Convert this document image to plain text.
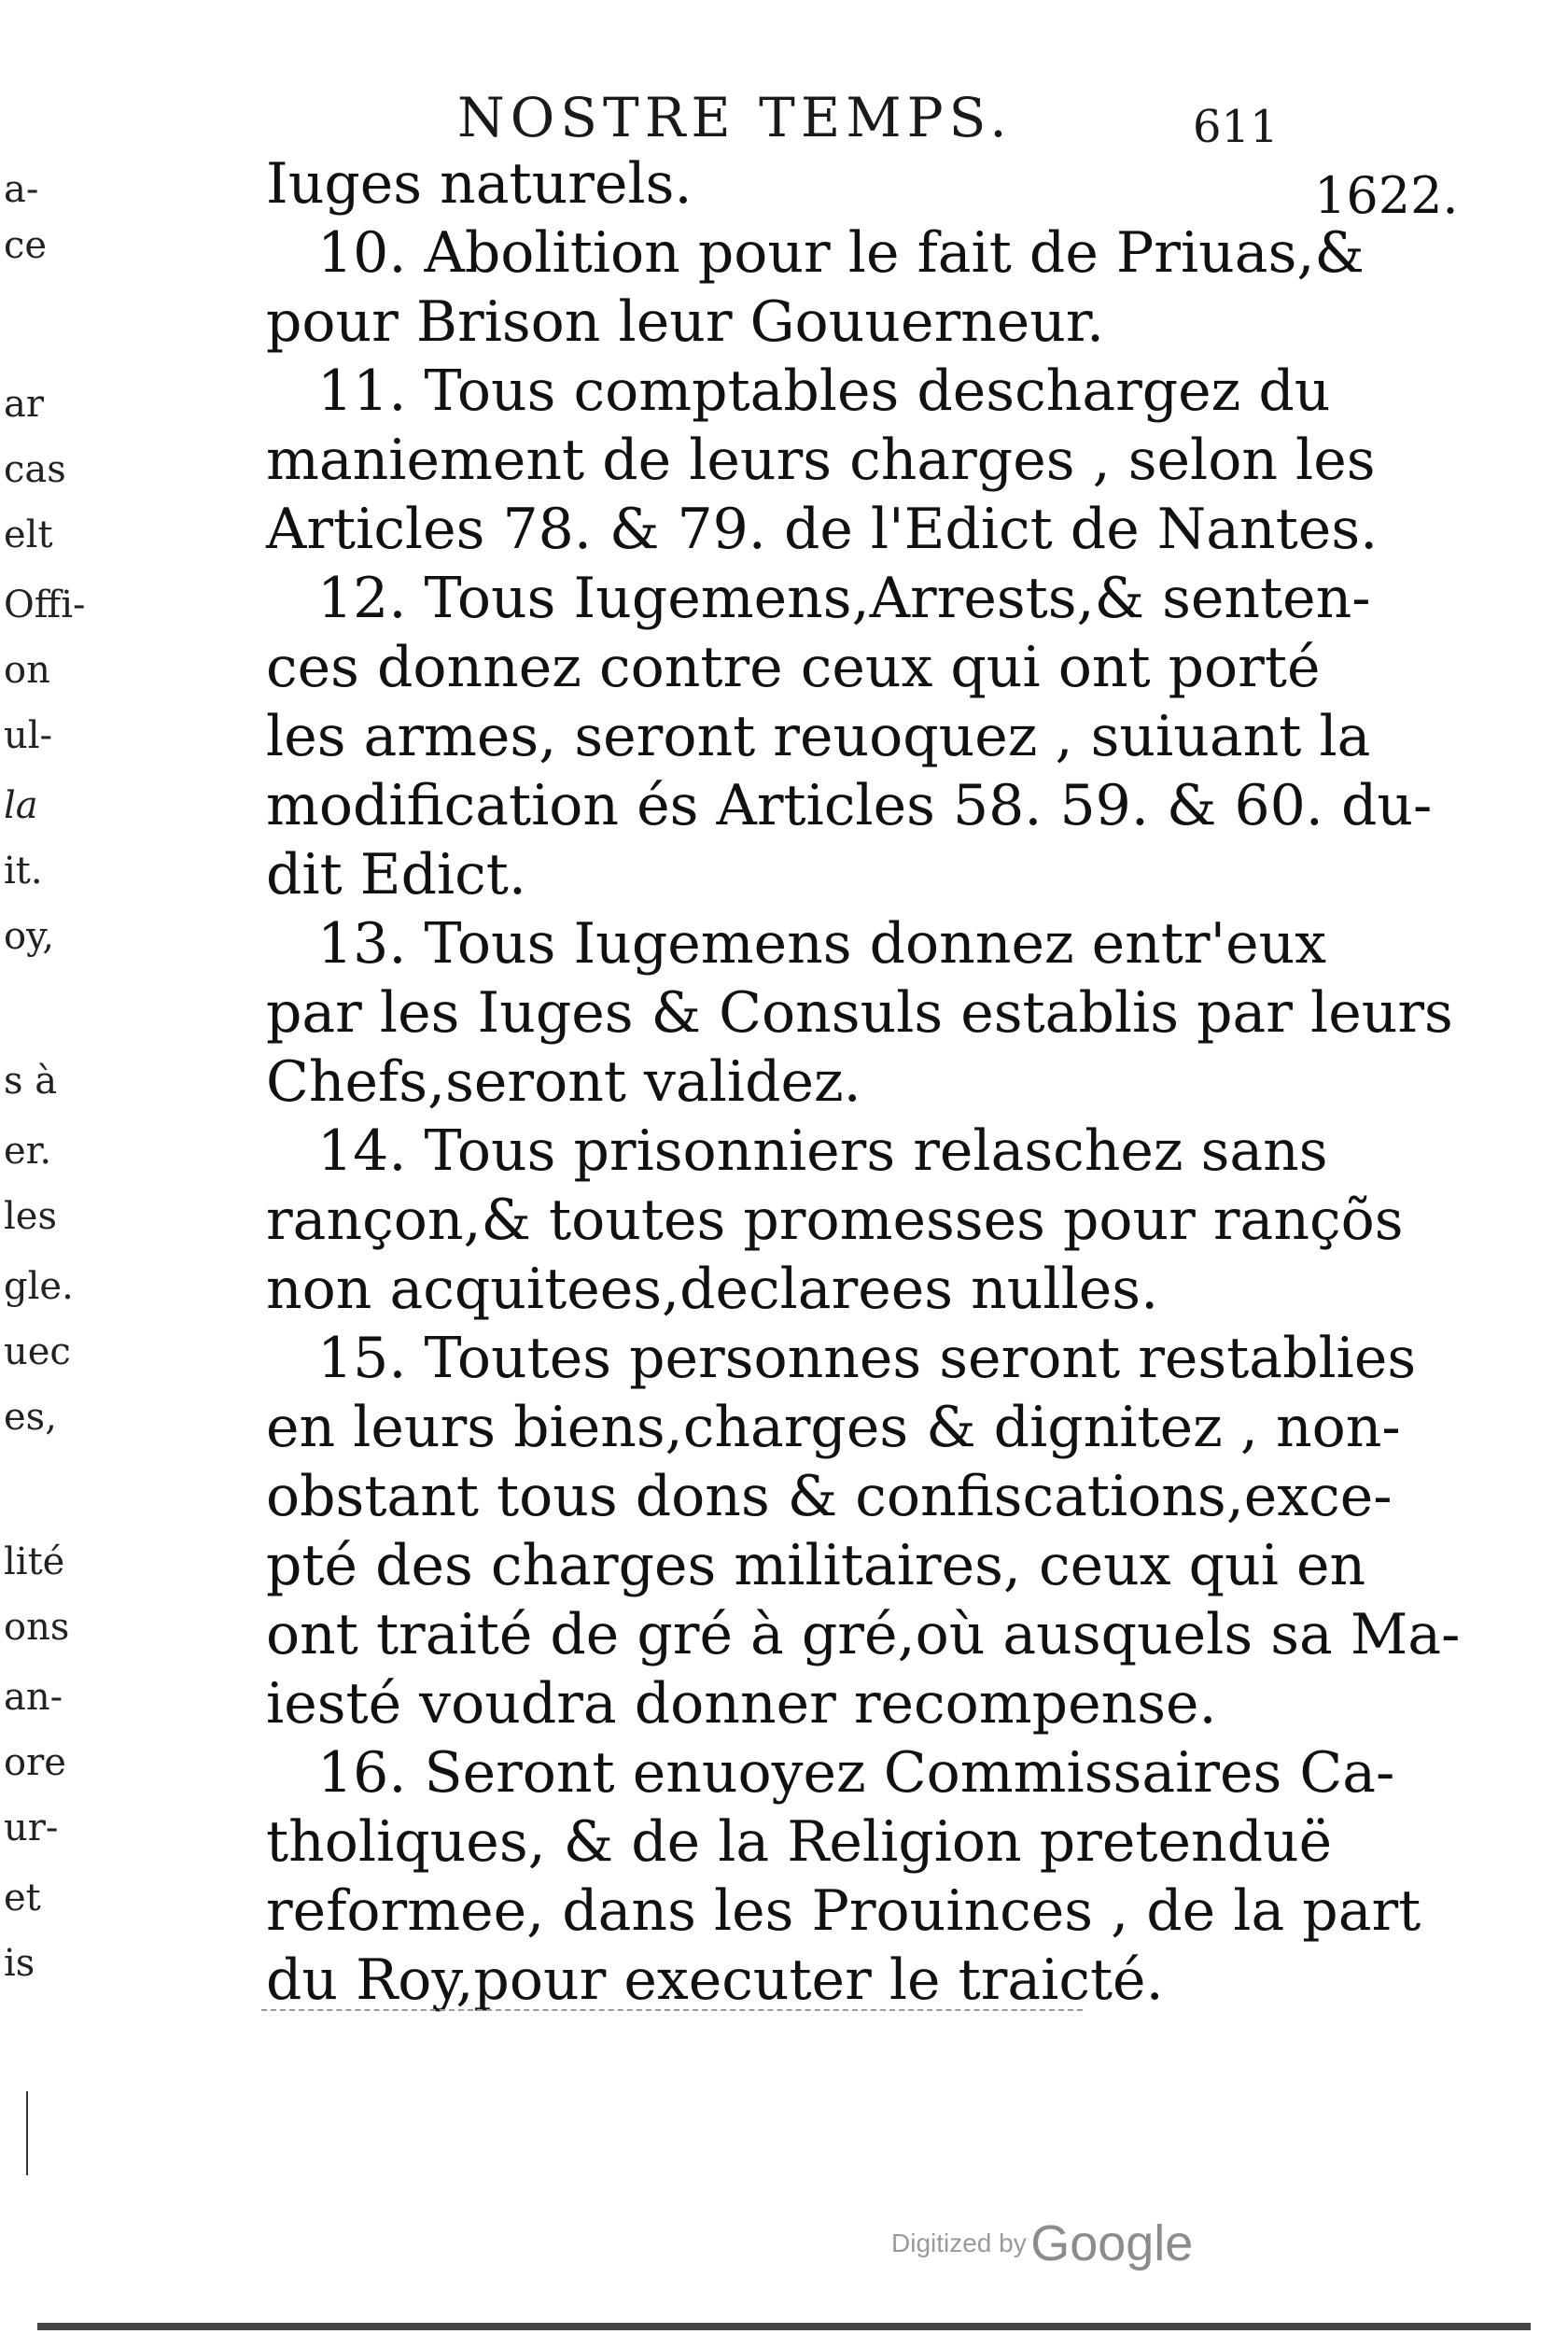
NOSTRE TEMPS.	611
1622.
Iuges naturels.
10. Abolition pour le fait de Priuas,&
pour Brison leur Gouuerneur.
11. Tous comptables deschargez du
maniement de leurs charges , selon les
Articles 78. & 79. de l'Edict de Nantes.
12. Tous Iugemens,Arrests,& senten-
ces donnez contre ceux qui ont porté
les armes, seront reuoquez , suiuant la
modification és Articles 58. 59. & 60. du-
dit Edict.
13. Tous Iugemens donnez entr'eux
par les Iuges & Consuls establis par leurs
Chefs,seront validez.
14. Tous prisonniers relaschez sans
rançon,& toutes promesses pour rançõs
non acquitees,declarees nulles.
15. Toutes personnes seront restablies
en leurs biens,charges & dignitez , non-
obstant tous dons & confiscations,exce-
pté des charges militaires, ceux qui en
ont traité de gré à gré,où ausquels sa Ma-
iesté voudra donner recompense.
16. Seront enuoyez Commissaires Ca-
tholiques, & de la Religion pretenduë
reformee, dans les Prouinces , de la part
du Roy,pour executer le traicté.
a-
ce
ar
cas
elt
Offi-
on
ul-
la
it.
oy,
s à
er.
les
gle.
uec
es,
lité
ons
an-
ore
ur-
et
is
Digitized by Google
